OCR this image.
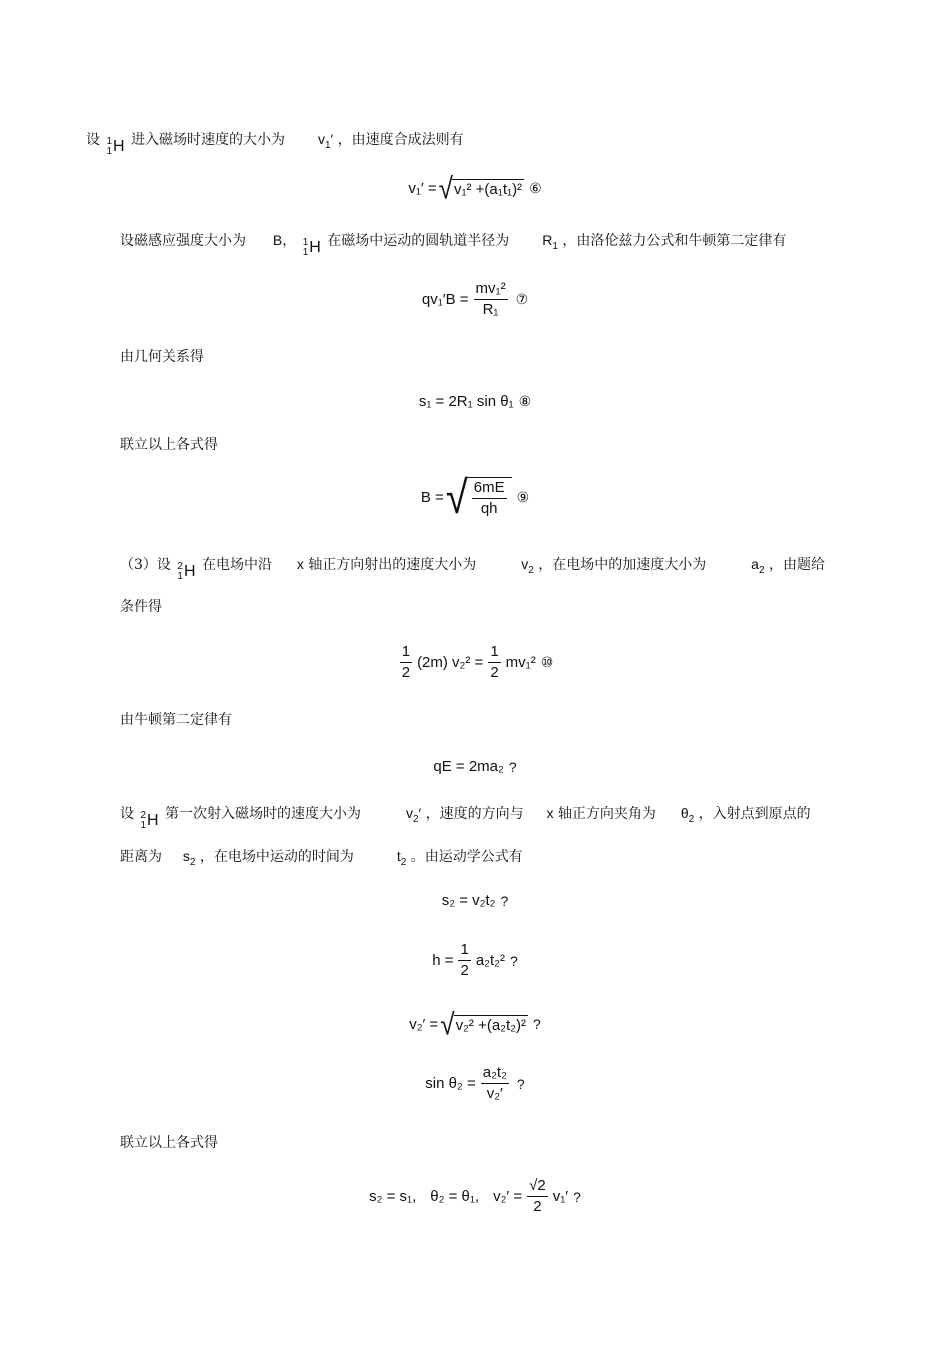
设 1
1 H 进入磁场时速度的大小为 $v_1'$ ，由速度合成法则有
v₁′ = √ v₁² +(a₁t₁)² ⑥
设磁感应强度大小为 B， 1
1 H 在磁场中运动的圆轨道半径为 $R_1$ ，由洛伦兹力公式和牛顿第二定律有
$qv_1'B = \frac{\text{mv₁²}}{\text{R₁}}$ ⑦
由几何关系得
s₁ = 2R₁ sin θ₁ ⑧
联立以上各式得
B = √ $\frac{6mE}{qh}$ ⑨
（3）设 2
1 H 在电场中沿 x 轴正方向射出的速度大小为	$v_2$ ，在电场中的加速度大小为	$a_2$ ，由题给
条件得
$\frac{1}{2} (2m) v_2^2 = \frac{1}{2} mv_1^2$ ⑩
由牛顿第二定律有
qE = 2ma₂ ?
设 2
1 H 第一次射入磁场时的速度大小为	$v_2'$ ，速度的方向与 x 轴正方向夹角为 $\theta_2$ ，入射点到原点的
距离为 $s_2$ ，在电场中运动的时间为	$t_2$ 。由运动学公式有
s₂ = v₂t₂ ?
$h = \frac{1}{2} a_2t_2^2$ ?
v₂′ = √ v₂² +(a₂t₂)² ?
$\sin \theta_2 = \frac{\text{a₂t₂}}{\text{v₂′}}$ ?
联立以上各式得
s₂ = s₁, θ₂ = θ₁, $v_2' = \frac{√2}{2} v_1'$ ?
